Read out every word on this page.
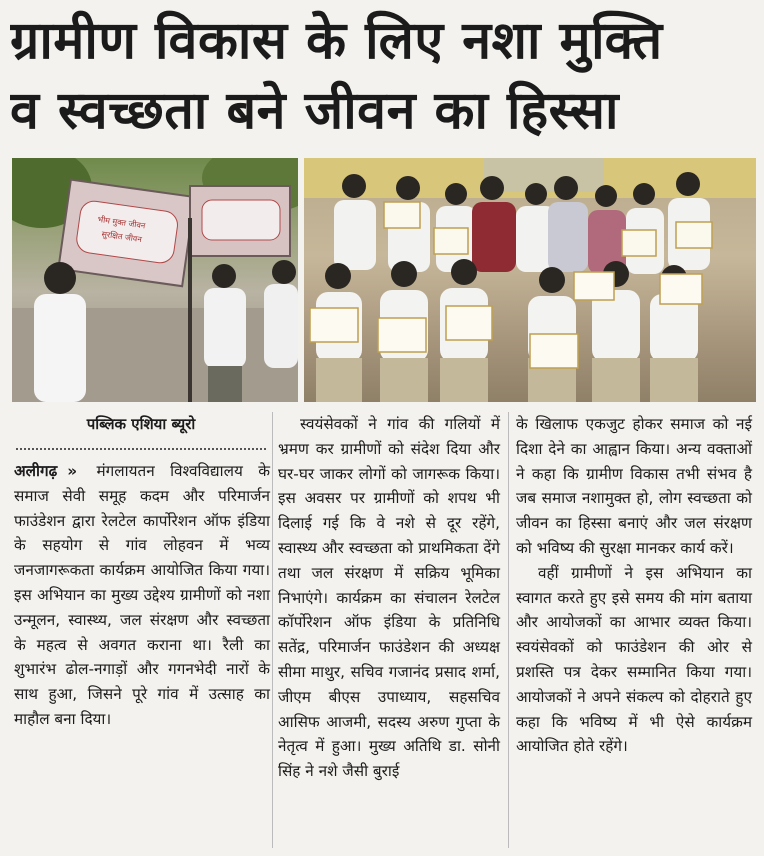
ग्रामीण विकास के लिए नशा मुक्ति
व स्वच्छता बने जीवन का हिस्सा
भीम मुक्त जीवन
सुरक्षित जीवन
पब्लिक एशिया ब्यूरो

अलीगढ़ » मंगलायतन विश्वविद्यालय के समाज सेवी समूह कदम और परिमार्जन फाउंडेशन द्वारा रेलटेल कार्पोरेशन ऑफ इंडिया के सहयोग से गांव लोहवन में भव्य जनजागरूकता कार्यक्रम आयोजित किया गया। इस अभियान का मुख्य उद्देश्य ग्रामीणों को नशा उन्मूलन, स्वास्थ्य, जल संरक्षण और स्वच्छता के महत्व से अवगत कराना था। रैली का शुभारंभ ढोल-नगाड़ों और गगनभेदी नारों के साथ हुआ, जिसने पूरे गांव में उत्साह का माहौल बना दिया।

स्वयंसेवकों ने गांव की गलियों में भ्रमण कर ग्रामीणों को संदेश दिया और घर-घर जाकर लोगों को जागरूक किया। इस अवसर पर ग्रामीणों को शपथ भी दिलाई गई कि वे नशे से दूर रहेंगे, स्वास्थ्य और स्वच्छता को प्राथमिकता देंगे तथा जल संरक्षण में सक्रिय भूमिका निभाएंगे। कार्यक्रम का संचालन रेलटेल कॉर्पोरेशन ऑफ इंडिया के प्रतिनिधि सतेंद्र, परिमार्जन फाउंडेशन की अध्यक्ष सीमा माथुर, सचिव गजानंद प्रसाद शर्मा, जीएम बीएस उपाध्याय, सहसचिव आसिफ आजमी, सदस्य अरुण गुप्ता के नेतृत्व में हुआ। मुख्य अतिथि डा. सोनी सिंह ने नशे जैसी बुराई

के खिलाफ एकजुट होकर समाज को नई दिशा देने का आह्वान किया। अन्य वक्ताओं ने कहा कि ग्रामीण विकास तभी संभव है जब समाज नशामुक्त हो, लोग स्वच्छता को जीवन का हिस्सा बनाएं और जल संरक्षण को भविष्य की सुरक्षा मानकर कार्य करें।

वहीं ग्रामीणों ने इस अभियान का स्वागत करते हुए इसे समय की मांग बताया और आयोजकों का आभार व्यक्त किया। स्वयंसेवकों को फाउंडेशन की ओर से प्रशस्ति पत्र देकर सम्मानित किया गया। आयोजकों ने अपने संकल्प को दोहराते हुए कहा कि भविष्य में भी ऐसे कार्यक्रम आयोजित होते रहेंगे।
